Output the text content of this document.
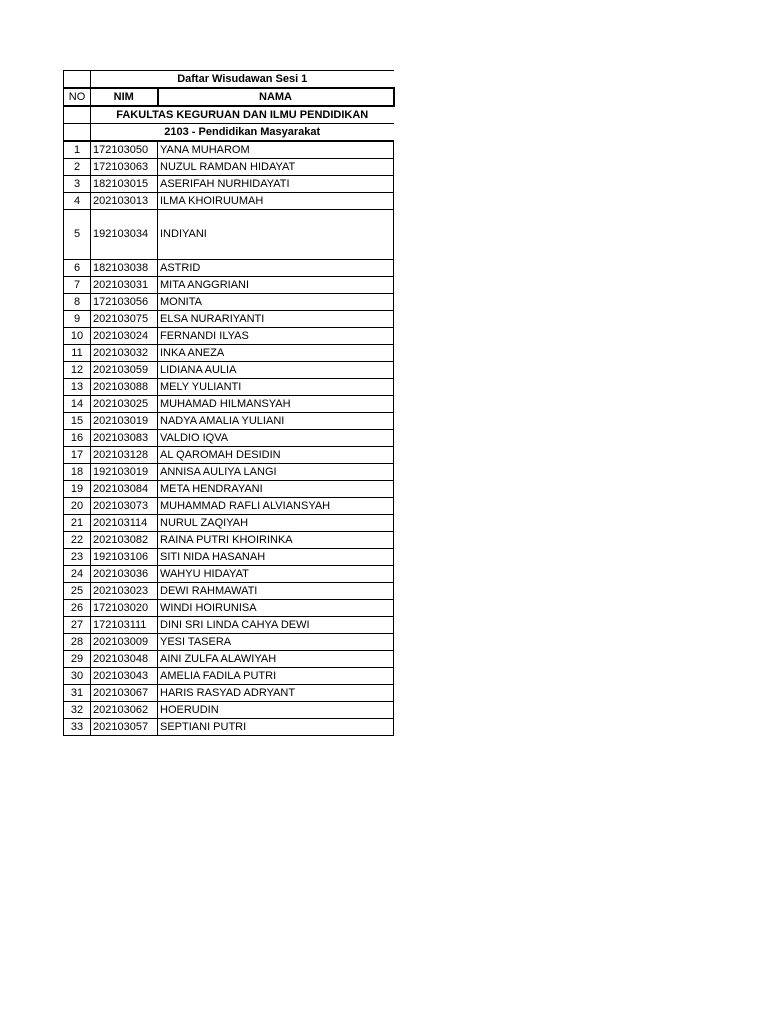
	Daftar Wisudawan Sesi 1	
NO	NIM	NAMA
	FAKULTAS KEGURUAN DAN ILMU PENDIDIKAN	
	2103 - Pendidikan Masyarakat	
1	172103050	YANA MUHAROM
2	172103063	NUZUL RAMDAN HIDAYAT
3	182103015	ASERIFAH NURHIDAYATI
4	202103013	ILMA KHOIRUUMAH
5	192103034	INDIYANI
6	182103038	ASTRID
7	202103031	MITA ANGGRIANI
8	172103056	MONITA
9	202103075	ELSA NURARIYANTI
10	202103024	FERNANDI ILYAS
11	202103032	INKA ANEZA
12	202103059	LIDIANA AULIA
13	202103088	MELY YULIANTI
14	202103025	MUHAMAD HILMANSYAH
15	202103019	NADYA AMALIA YULIANI
16	202103083	VALDIO IQVA
17	202103128	AL QAROMAH DESIDIN
18	192103019	ANNISA AULIYA LANGI
19	202103084	META HENDRAYANI
20	202103073	MUHAMMAD RAFLI ALVIANSYAH
21	202103114	NURUL ZAQIYAH
22	202103082	RAINA PUTRI KHOIRINKA
23	192103106	SITI NIDA HASANAH
24	202103036	WAHYU HIDAYAT
25	202103023	DEWI RAHMAWATI
26	172103020	WINDI HOIRUNISA
27	172103111	DINI SRI LINDA CAHYA DEWI
28	202103009	YESI TASERA
29	202103048	AINI ZULFA ALAWIYAH
30	202103043	AMELIA FADILA PUTRI
31	202103067	HARIS RASYAD ADRYANT
32	202103062	HOERUDIN
33	202103057	SEPTIANI PUTRI
